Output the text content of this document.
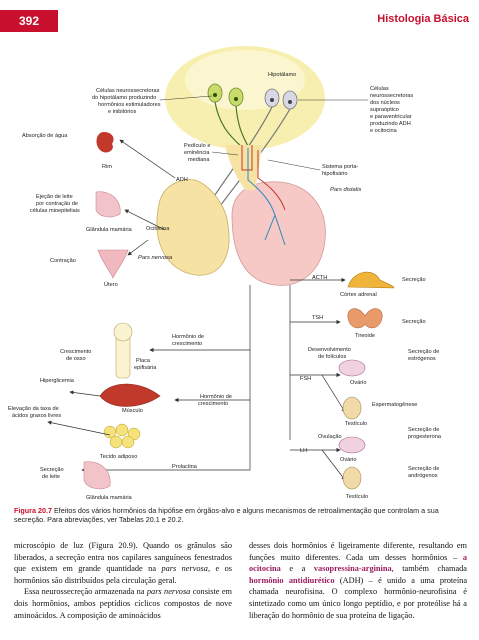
392	Histologia Básica
Hipotálamo
Células neurossecretoras
do hipotálamo produzindo
hormônios estimuladores
e inibitórios
Células
neurossecretoras
dos núcleos
supraóptico
e paraventricular
produzindo ADH
e ocitocina
Pedículo e
eminência
mediana
Sistema porta-
hipofisário
Pars distalis
Pars nervosa
Absorção de água
Rim
ADH
Ejeção de leite
por contração de
células mioepiteliais
Glândula mamária	Ocitocina
Contração
Útero
ACTH	Secreção
Córtex adrenal
TSH
Secreção
Tireoide
Desenvolvimento
de folículos
Secreção de
estrógenos
FSH
Ovário
Espermatogênese
Testículo
Ovulação
Secreção de
progesterona
LH
Ovário
Secreção de
andrógenos
Testículo
Hormônio de
crescimento
Crescimento
de osso	Placa
epifisária
Hiperglicemia
Elevação da taxa de
ácidos graxos livres
Músculo
Hormônio de
crescimento
Tecido adiposo
Secreção
de leite
Prolactina
Glândula mamária
Figura 20.7 Efeitos dos vários hormônios da hipófise em órgãos-alvo e alguns mecanismos de retroalimentação que controlam a sua secreção. Para abreviações, ver Tabelas 20.1 e 20.2.

microscópio de luz (Figura 20.9). Quando os grânulos são liberados, a secreção entra nos capilares sanguíneos fenestrados que existem em grande quantidade na pars nervosa, e os hormônios são distribuídos pela circulação geral.

Essa neurossecreção armazenada na pars nervosa consiste em dois hormônios, ambos peptídios cíclicos compostos de nove aminoácidos. A composição de aminoácidos

desses dois hormônios é ligeiramente diferente, resultando em funções muito diferentes. Cada um desses hormônios – a ocitocina e a vasopressina-arginina, também chamada hormônio antidiurético (ADH) – é unido a uma proteína chamada neurofisina. O complexo hormônio-neurofisina é sintetizado como um único longo peptídio, e por proteólise há a liberação do hormônio de sua proteína de ligação.
